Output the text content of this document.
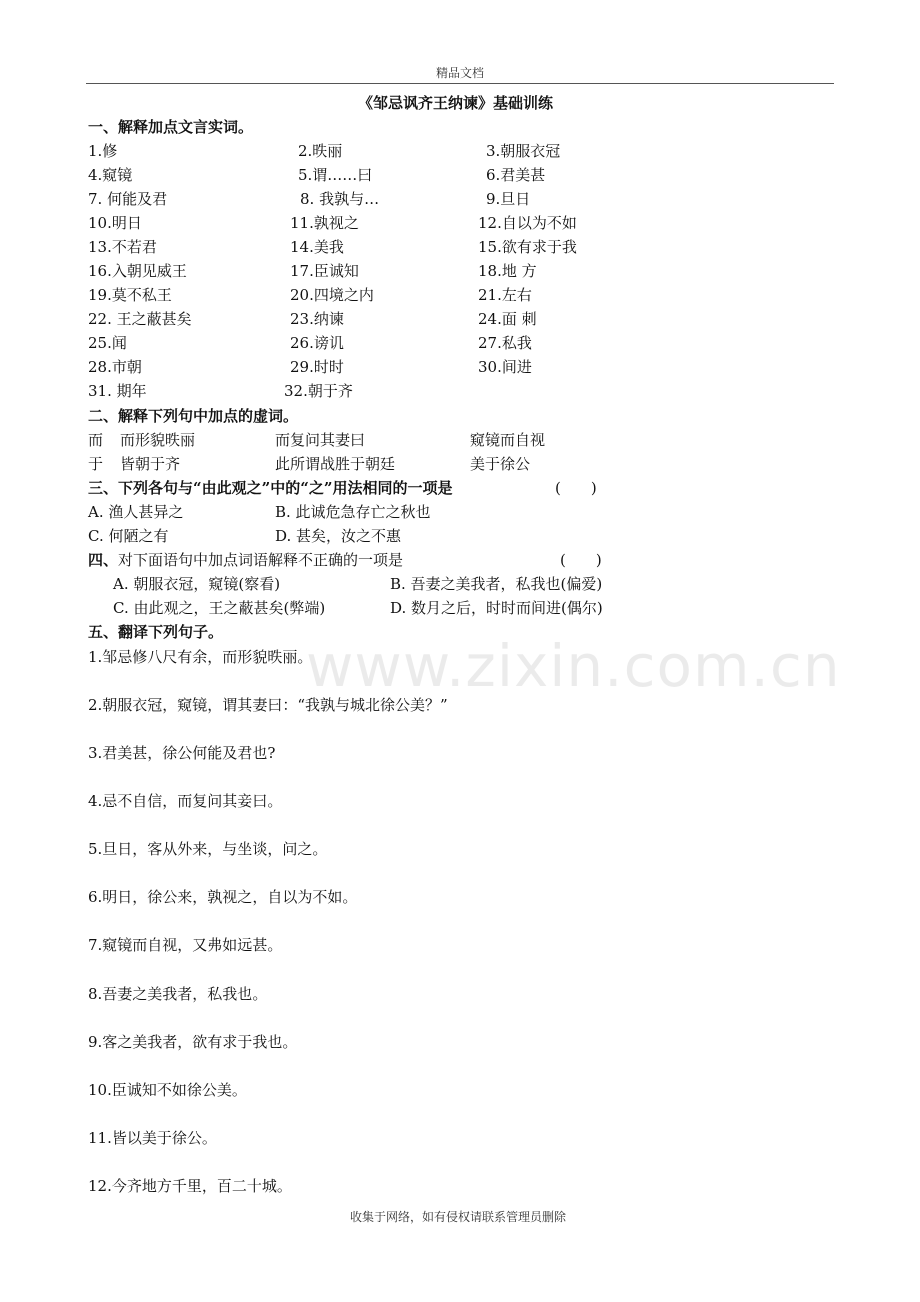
精品文档
www.zixin.com.cn
《邹忌讽齐王纳谏》基础训练
一、解释加点文言实词。
1.修	2.昳丽	3.朝服衣冠
4.窥镜	5.谓……曰	6.君美甚
7. 何能及君	8. 我孰与…	9.旦日
10.明日	11.孰视之	12.自以为不如
13.不若君	14.美我	15.欲有求于我
16.入朝见威王	17.臣诚知	18.地 方
19.莫不私王	20.四境之内	21.左右
22. 王之蔽甚矣	23.纳谏	24.面 刺
25.闻	26.谤讥	27.私我
28.市朝	29.时时	30.间进
31. 期年	32.朝于齐
二、解释下列句中加点的虚词。
而 而形貌昳丽	而复问其妻曰	窥镜而自视
于 皆朝于齐	此所谓战胜于朝廷	美于徐公
三、下列各句与“由此观之”中的“之”用法相同的一项是	(　　)
A. 渔人甚异之	B. 此诚危急存亡之秋也
C. 何陋之有	D. 甚矣，汝之不惠
四、对下面语句中加点词语解释不正确的一项是	(　　)
A. 朝服衣冠，窥镜(察看)	B. 吾妻之美我者，私我也(偏爱)
C. 由此观之，王之蔽甚矣(弊端)	D. 数月之后，时时而间进(偶尔)
五、翻译下列句子。
1.邹忌修八尺有余，而形貌昳丽。
2.朝服衣冠，窥镜，谓其妻曰：“我孰与城北徐公美？”
3.君美甚，徐公何能及君也?
4.忌不自信，而复问其妾曰。
5.旦日，客从外来，与坐谈，问之。
6.明日，徐公来，孰视之，自以为不如。
7.窥镜而自视，又弗如远甚。
8.吾妻之美我者，私我也。
9.客之美我者，欲有求于我也。
10.臣诚知不如徐公美。
11.皆以美于徐公。
12.今齐地方千里，百二十城。
收集于网络，如有侵权请联系管理员删除
